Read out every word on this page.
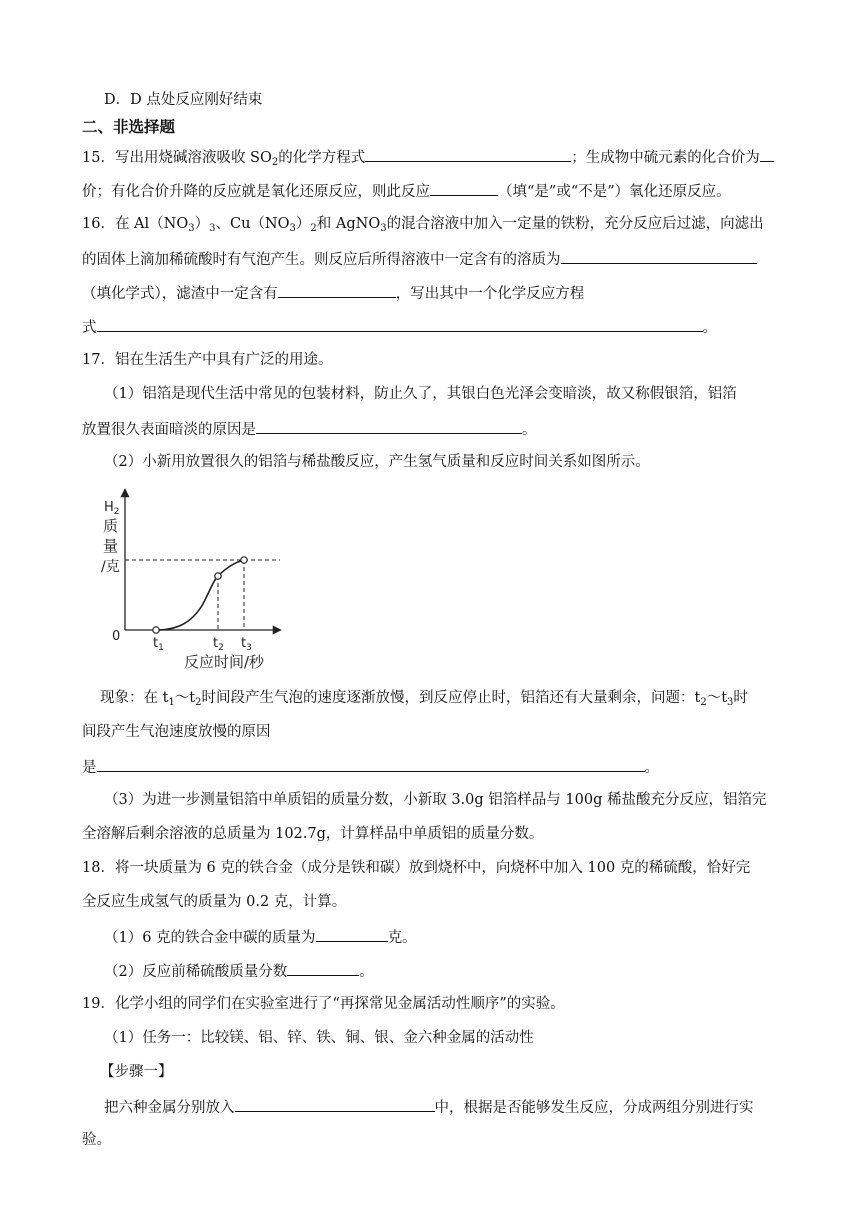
D．D 点处反应刚好结束
二、非选择题
15．写出用烧碱溶液吸收 $SO_2$的化学方程式	；生成物中硫元素的化合价为
价；有化合价升降的反应就是氧化还原反应，则此反应	（填“是”或“不是”）氧化还原反应。
16．在 $Al(NO_3)_3$、$Cu(NO_3)_2$和 AgNO$_3$的混合溶液中加入一定量的铁粉，充分反应后过滤，向滤出
的固体上滴加稀硫酸时有气泡产生。则反应后所得溶液中一定含有的溶质为
（填化学式），滤渣中一定含有	，写出其中一个化学反应方程
式	。
17．铝在生活生产中具有广泛的用途。
（1）铝箔是现代生活中常见的包装材料，防止久了，其银白色光泽会变暗淡，故又称假银箔，铝箔
放置很久表面暗淡的原因是	。
（2）小新用放置很久的铝箔与稀盐酸反应，产生氢气质量和反应时间关系如图所示。
$H_2$
质
量
/克
0	$t_1$	$t_2$ $t_3$
反应时间/秒
现象：在 $t_1\sim t_2$时间段产生气泡的速度逐渐放慢，到反应停止时，铝箔还有大量剩余，问题：$t_2\sim t_3$时
间段产生气泡速度放慢的原因
是	。
（3）为进一步测量铝箔中单质铝的质量分数，小新取 3.0g 铝箔样品与 100g 稀盐酸充分反应，铝箔完
全溶解后剩余溶液的总质量为 102.7g，计算样品中单质铝的质量分数。
18．将一块质量为 6 克的铁合金（成分是铁和碳）放到烧杯中，向烧杯中加入 100 克的稀硫酸，恰好完
全反应生成氢气的质量为 0.2 克，计算。
（1）6 克的铁合金中碳的质量为	克。
（2）反应前稀硫酸质量分数	。
19．化学小组的同学们在实验室进行了“再探常见金属活动性顺序”的实验。
（1）任务一：比较镁、铝、锌、铁、铜、银、金六种金属的活动性
【步骤一】
把六种金属分别放入	中，根据是否能够发生反应，分成两组分别进行实
验。
